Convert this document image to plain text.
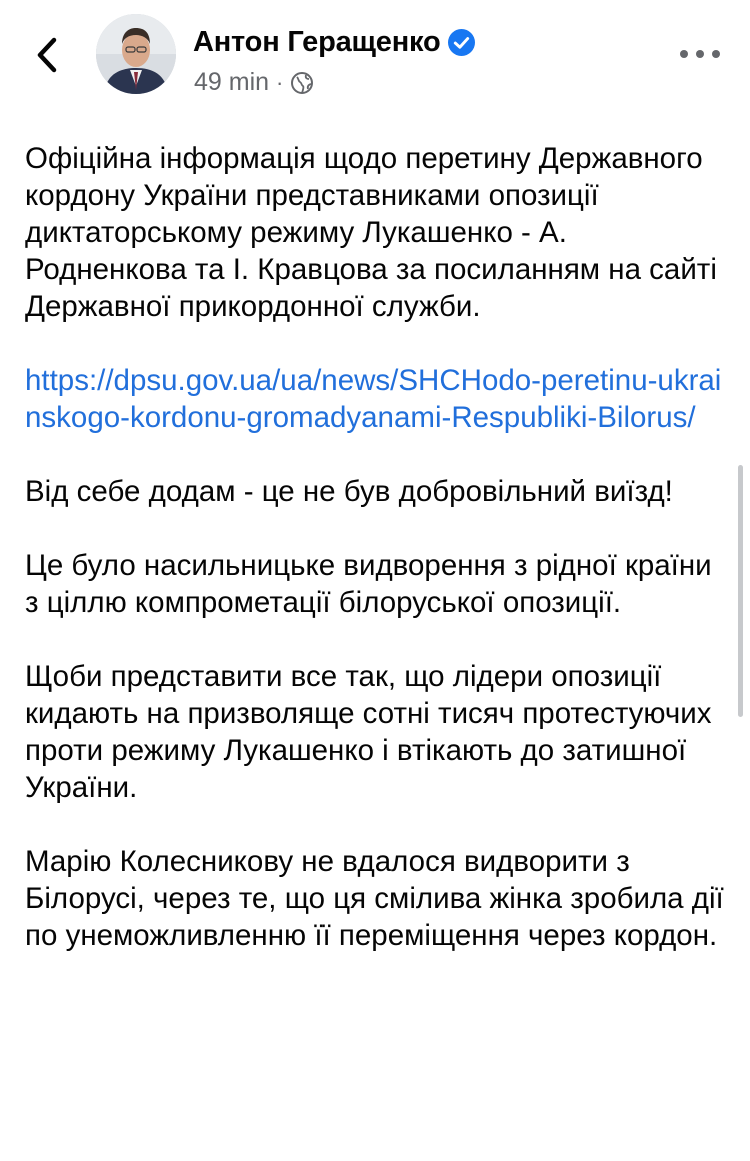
Антон Геращенко
49 min ·

Офіційна інформація щодо перетину Державного кордону України представниками опозиції диктаторському режиму Лукашенко - А. Родненкова та І. Кравцова за посиланням на сайті Державної прикордонної служби.

https://dpsu.gov.ua/ua/news/SHCHodo-peretinu-ukrainskogo-kordonu-gromadyanami-Respubliki-Bilorus/

Від себе додам - це не був добровільний виїзд!

Це було насильницьке видворення з рідної країни з ціллю компрометації білоруської опозиції.

Щоби представити все так, що лідери опозиції кидають на призволяще сотні тисяч протестуючих проти режиму Лукашенко і втікають до затишної України.

Марію Колесникову не вдалося видворити з Білорусі, через те, що ця смілива жінка зробила дії по унеможливленню її переміщення через кордон.
